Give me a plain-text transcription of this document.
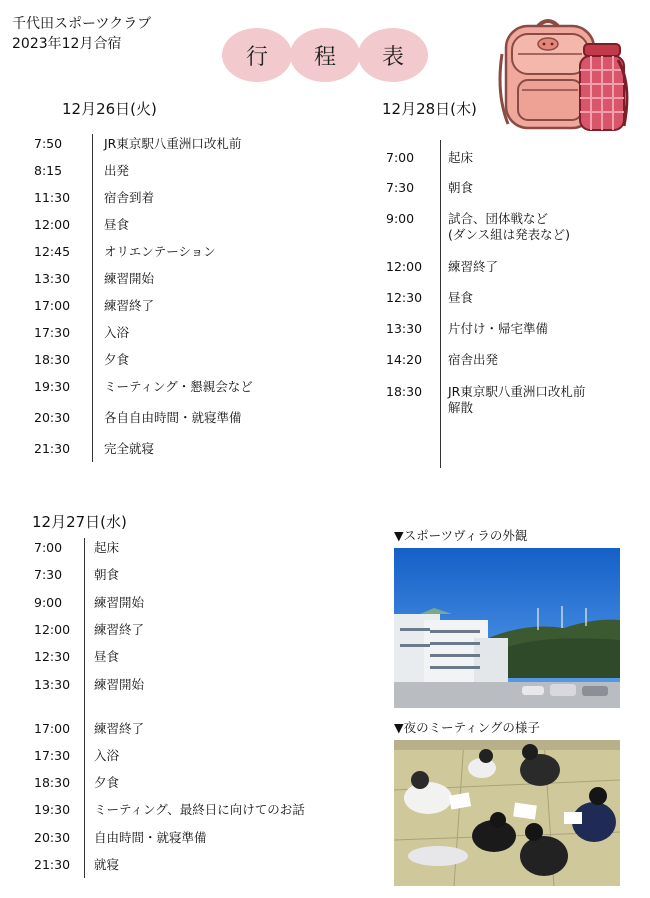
千代田スポーツクラブ
2023年12月合宿
行	程	表
12月26日(火)	12月28日(木)
12月27日(水)
7:50	JR東京駅八重洲口改札前
8:15	出発
11:30	宿舎到着
12:00	昼食
12:45	オリエンテーション
13:30	練習開始
17:00	練習終了
17:30	入浴
18:30	夕食
19:30	ミーティング・懇親会など
20:30	各自自由時間・就寝準備
21:30	完全就寝
7:00	起床
7:30	朝食
9:00	試合、団体戦など
(ダンス組は発表など)
12:00 練習終了
12:30 昼食
13:30 片付け・帰宅準備
14:20 宿舎出発
18:30 JR東京駅八重洲口改札前
解散
7:00	起床
7:30	朝食
9:00	練習開始
12:00 練習終了
12:30 昼食
13:30 練習開始
17:00 練習終了
17:30 入浴
18:30 夕食
19:30 ミーティング、最終日に向けてのお話
20:30 自由時間・就寝準備
21:30 就寝
▼スポーツヴィラの外観
▼夜のミーティングの様子
